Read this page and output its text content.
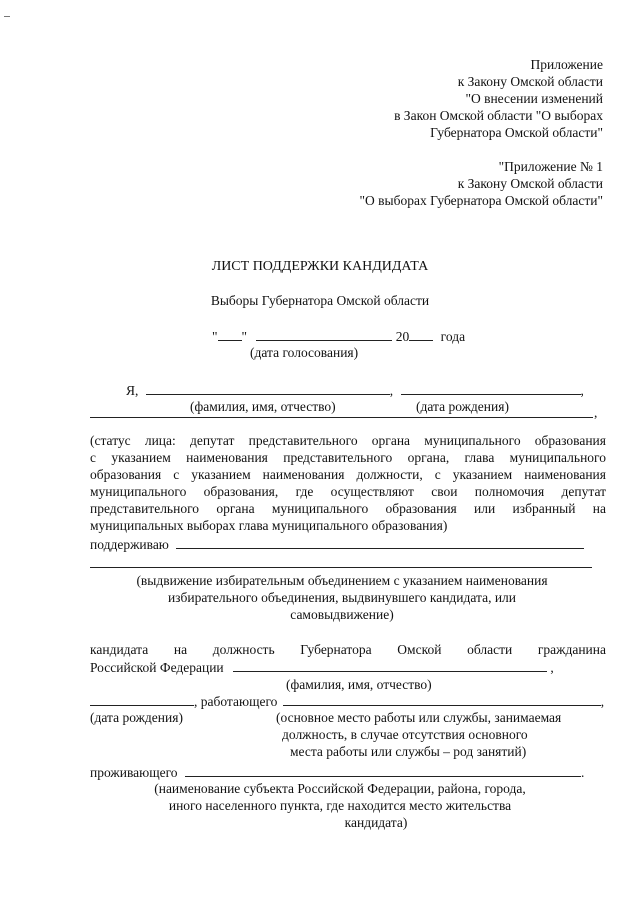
Приложение
к Закону Омской области
"О внесении изменений
в Закон Омской области "О выборах
Губернатора Омской области"
"Приложение № 1
к Закону Омской области
"О выборах Губернатора Омской области"
ЛИСТ ПОДДЕРЖКИ КАНДИДАТА
Выборы Губернатора Омской области
" "	20 года
(дата голосования)
Я,	,	,
(фамилия, имя, отчество)	(дата рождения)	,
(статус лица: депутат представительного органа муниципального образования
с указанием наименования представительного органа, глава муниципального
образования с указанием наименования должности, с указанием наименования
муниципального образования, где осуществляют свои полномочия депутат
представительного органа муниципального образования или избранный на
муниципальных выборах глава муниципального образования)
поддерживаю
(выдвижение избирательным объединением с указанием наименования
избирательного объединения, выдвинувшего кандидата, или
самовыдвижение)
кандидата на должность Губернатора Омской области гражданина
Российской Федерации	,
(фамилия, имя, отчество)
, работающего	,
(дата рождения)	(основное место работы или службы, занимаемая
должность, в случае отсутствия основного
места работы или службы – род занятий)
проживающего	.
(наименование субъекта Российской Федерации, района, города,
иного населенного пункта, где находится место жительства
кандидата)
